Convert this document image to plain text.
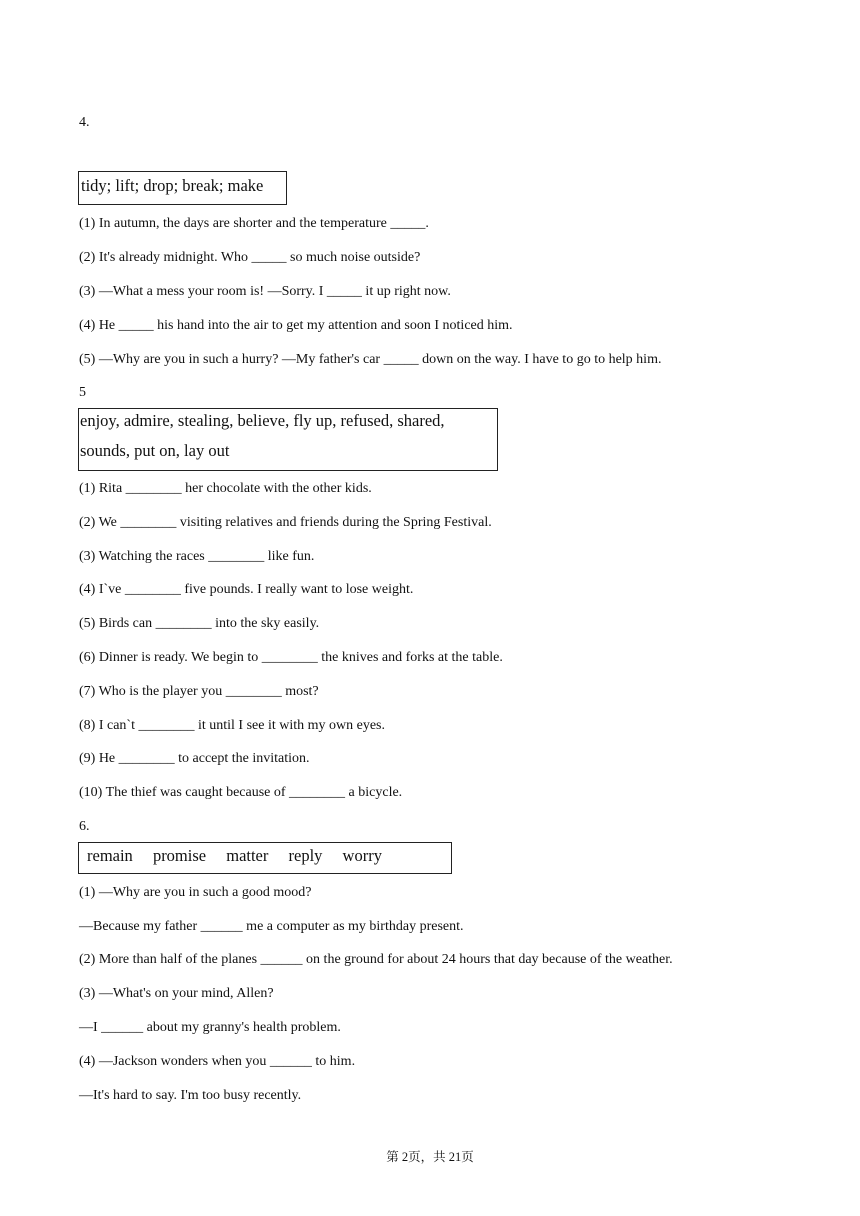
4.
tidy; lift; drop; break; make
(1) In autumn, the days are shorter and the temperature _____.
(2) It's already midnight. Who _____ so much noise outside?
(3) —What a mess your room is! —Sorry. I _____ it up right now.
(4) He _____ his hand into the air to get my attention and soon I noticed him.
(5) —Why are you in such a hurry? —My father's car _____ down on the way. I have to go to help him.
5
enjoy, admire, stealing, believe, fly up, refused, shared,
sounds, put on, lay out
(1) Rita ________ her chocolate with the other kids.
(2) We ________ visiting relatives and friends during the Spring Festival.
(3) Watching the races ________ like fun.
(4) Iˋve ________ five pounds. I really want to lose weight.
(5) Birds can ________ into the sky easily.
(6) Dinner is ready. We begin to ________ the knives and forks at the table.
(7) Who is the player you ________ most?
(8) I canˋt ________ it until I see it with my own eyes.
(9) He ________ to accept the invitation.
(10) The thief was caught because of ________ a bicycle.
6.
remain promise matter reply worry
(1) —Why are you in such a good mood?
—Because my father ______ me a computer as my birthday present.
(2) More than half of the planes ______ on the ground for about 24 hours that day because of the weather.
(3) —What's on your mind, Allen?
—I ______ about my granny's health problem.
(4) —Jackson wonders when you ______ to him.
—It's hard to say. I'm too busy recently.
第 2页，共 21页
